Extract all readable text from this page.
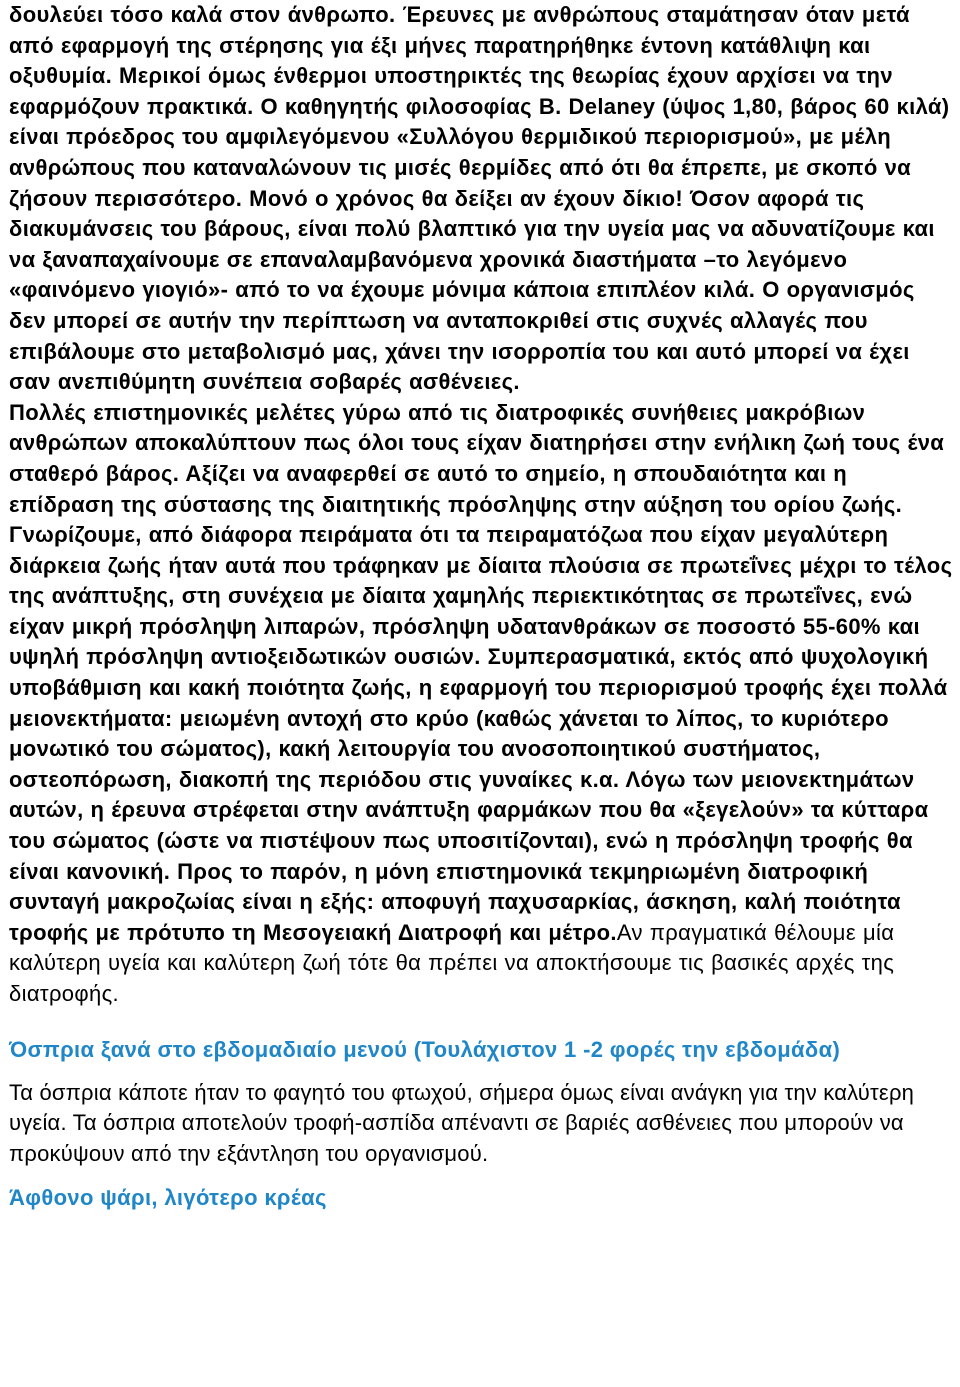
δουλεύει τόσο καλά στον άνθρωπο. Έρευνες με ανθρώπους σταμάτησαν όταν μετά από εφαρμογή της στέρησης για έξι μήνες παρατηρήθηκε έντονη κατάθλιψη και οξυθυμία. Μερικοί όμως ένθερμοι υποστηρικτές της θεωρίας έχουν αρχίσει να την εφαρμόζουν πρακτικά. Ο καθηγητής φιλοσοφίας B. Delaney (ύψος 1,80, βάρος 60 κιλά) είναι πρόεδρος του αμφιλεγόμενου «Συλλόγου θερμιδικού περιορισμού», με μέλη ανθρώπους που καταναλώνουν τις μισές θερμίδες από ότι θα έπρεπε, με σκοπό να ζήσουν περισσότερο. Μονό ο χρόνος θα δείξει αν έχουν δίκιο! Όσον αφορά τις διακυμάνσεις του βάρους, είναι πολύ βλαπτικό για την υγεία μας να αδυνατίζουμε και να ξαναπαχαίνουμε σε επαναλαμβανόμενα χρονικά διαστήματα –το λεγόμενο «φαινόμενο γιογιό»- από το να έχουμε μόνιμα κάποια επιπλέον κιλά. Ο οργανισμός δεν μπορεί σε αυτήν την περίπτωση να ανταποκριθεί στις συχνές αλλαγές που επιβάλουμε στο μεταβολισμό μας, χάνει την ισορροπία του και αυτό μπορεί να έχει σαν ανεπιθύμητη συνέπεια σοβαρές ασθένειες.

Πολλές επιστημονικές μελέτες γύρω από τις διατροφικές συνήθειες μακρόβιων ανθρώπων αποκαλύπτουν πως όλοι τους είχαν διατηρήσει στην ενήλικη ζωή τους ένα σταθερό βάρος. Αξίζει να αναφερθεί σε αυτό το σημείο, η σπουδαιότητα και η επίδραση της σύστασης της διαιτητικής πρόσληψης στην αύξηση του ορίου ζωής. Γνωρίζουμε, από διάφορα πειράματα ότι τα πειραματόζωα που είχαν μεγαλύτερη διάρκεια ζωής ήταν αυτά που τράφηκαν με δίαιτα πλούσια σε πρωτεΐνες μέχρι το τέλος της ανάπτυξης, στη συνέχεια με δίαιτα χαμηλής περιεκτικότητας σε πρωτεΐνες, ενώ είχαν μικρή πρόσληψη λιπαρών, πρόσληψη υδατανθράκων σε ποσοστό 55-60% και υψηλή πρόσληψη αντιοξειδωτικών ουσιών. Συμπερασματικά, εκτός από ψυχολογική υποβάθμιση και κακή ποιότητα ζωής, η εφαρμογή του περιορισμού τροφής έχει πολλά μειονεκτήματα: μειωμένη αντοχή στο κρύο (καθώς χάνεται το λίπος, το κυριότερο μονωτικό του σώματος), κακή λειτουργία του ανοσοποιητικού συστήματος, οστεοπόρωση, διακοπή της περιόδου στις γυναίκες κ.α. Λόγω των μειονεκτημάτων αυτών, η έρευνα στρέφεται στην ανάπτυξη φαρμάκων που θα «ξεγελούν» τα κύτταρα του σώματος (ώστε να πιστέψουν πως υποσιτίζονται), ενώ η πρόσληψη τροφής θα είναι κανονική. Προς το παρόν, η μόνη επιστημονικά τεκμηριωμένη διατροφική συνταγή μακροζωίας είναι η εξής: αποφυγή παχυσαρκίας, άσκηση, καλή ποιότητα τροφής με πρότυπο τη Μεσογειακή Διατροφή και μέτρο.Αν πραγματικά θέλουμε μία καλύτερη υγεία και καλύτερη ζωή τότε θα πρέπει να αποκτήσουμε τις βασικές αρχές της διατροφής.

Όσπρια ξανά στο εβδομαδιαίο μενού (Τουλάχιστον 1 -2 φορές την εβδομάδα)

Τα όσπρια κάποτε ήταν το φαγητό του φτωχού, σήμερα όμως είναι ανάγκη για την καλύτερη υγεία. Τα όσπρια αποτελούν τροφή-ασπίδα απέναντι σε βαριές ασθένειες που μπορούν να προκύψουν από την εξάντληση του οργανισμού.

Άφθονο ψάρι, λιγότερο κρέας
